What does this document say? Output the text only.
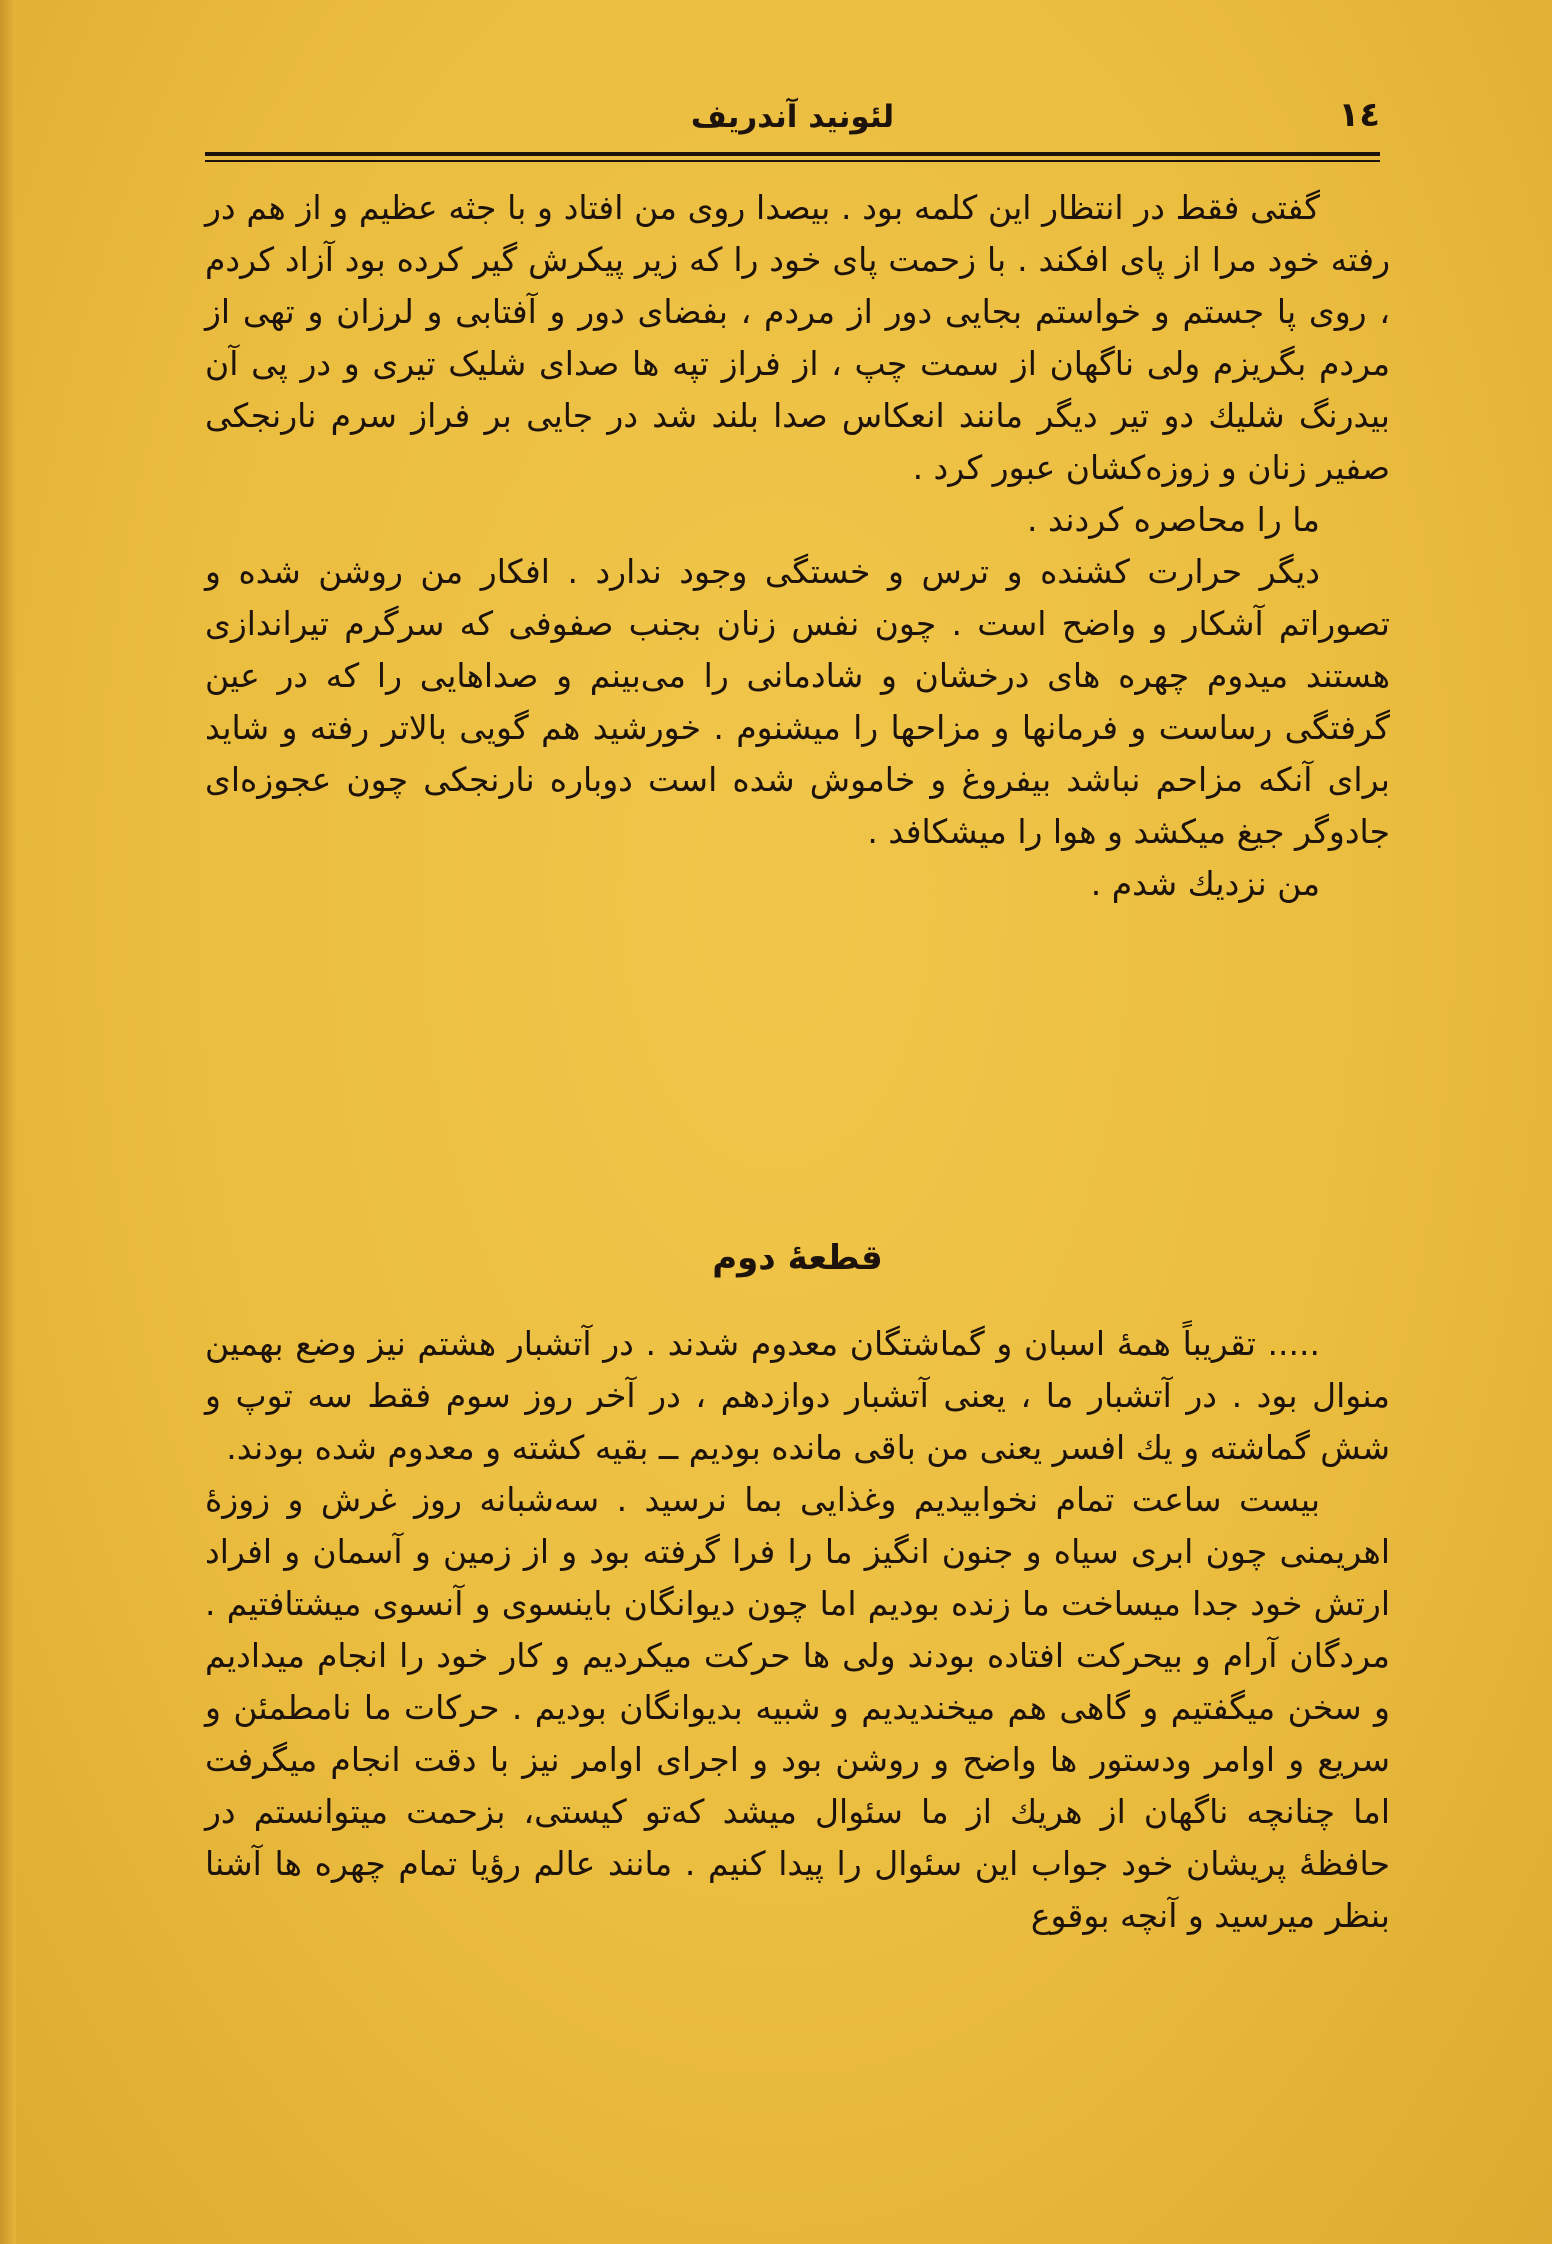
١٤
لئونید آندریف

گفتی فقط در انتظار این کلمه بود . بیصدا روی من افتاد و با جثه عظیم و از هم در رفته خود مرا از پای افکند . با زحمت پای خود را که زیر پیکرش گیر کرده بود آزاد کردم ، روی پا جستم و خواستم بجایی دور از مردم ، بفضای دور و آفتابی و لرزان و تهی از مردم بگریزم ولی ناگهان از سمت چپ ، از فراز تپه ها صدای شلیک تیری و در پی آن بیدرنگ شلیك دو تیر دیگر مانند انعکاس صدا بلند شد در جایی بر فراز سرم نارنجکی صفیر زنان و زوزه‌کشان عبور کرد .

ما را محاصره کردند .

دیگر حرارت کشنده و ترس و خستگی وجود ندارد . افکار من روشن شده و تصوراتم آشکار و واضح است . چون نفس زنان بجنب صفوفی که سرگرم تیراندازی هستند میدوم چهره های درخشان و شادمانی را می‌بینم و صداهایی را که در عین گرفتگی رساست و فرمانها و مزاحها را میشنوم . خورشید هم گویی بالاتر رفته و شاید برای آنکه مزاحم نباشد بیفروغ و خاموش شده است دوباره نارنجکی چون عجوزه‌ای جادوگر جیغ میکشد و هوا را میشکافد .

من نزدیك شدم .

قطعهٔ دوم

..... تقریباً همهٔ اسبان و گماشتگان معدوم شدند . در آتشبار هشتم نیز وضع بهمین منوال بود . در آتشبار ما ، یعنی آتشبار دوازدهم ، در آخر روز سوم فقط سه توپ و شش گماشته و یك افسر یعنی من باقی مانده بودیم ــ بقیه کشته و معدوم شده بودند.

بیست ساعت تمام نخوابیدیم وغذایی بما نرسید . سه‌شبانه روز غرش و زوزهٔ اهریمنی چون ابری سیاه و جنون انگیز ما را فرا گرفته بود و از زمین و آسمان و افراد ارتش خود جدا میساخت ما زنده بودیم اما چون دیوانگان باینسوی و آنسوی میشتافتیم . مردگان آرام و بیحرکت افتاده بودند ولی ها حرکت میکردیم و کار خود را انجام میدادیم و سخن میگفتیم و گاهی هم میخندیدیم و شبیه بدیوانگان بودیم . حرکات ما نامطمئن و سریع و اوامر ودستور ها واضح و روشن بود و اجرای اوامر نیز با دقت انجام میگرفت اما چنانچه ناگهان از هریك از ما سئوال میشد که‌تو کیستی، بزحمت میتوانستم در حافظهٔ پریشان خود جواب این سئوال را پیدا کنیم . مانند عالم رؤیا تمام چهره ها آشنا بنظر میرسید و آنچه بوقوع
